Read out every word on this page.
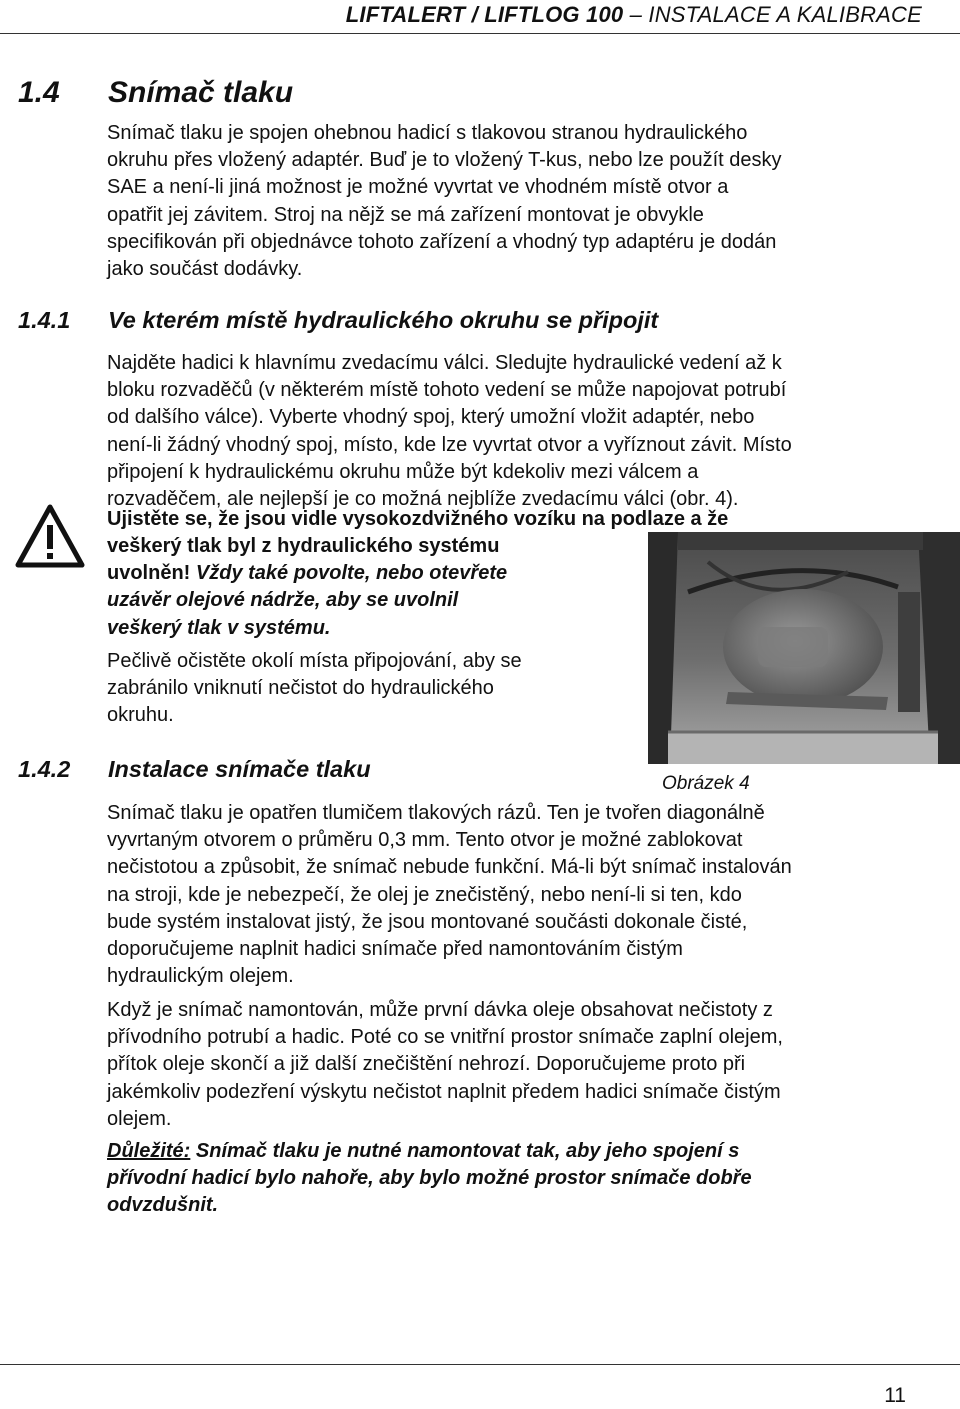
LIFTALERT / LIFTLOG 100 – INSTALACE A KALIBRACE
1.4 Snímač tlaku
Snímač tlaku je spojen ohebnou hadicí s tlakovou stranou hydraulického
okruhu přes vložený adaptér. Buď je to vložený T-kus, nebo lze použít desky
SAE a není-li jiná možnost je možné vyvrtat ve vhodném místě otvor a
opatřit jej závitem. Stroj na nějž se má zařízení montovat je obvykle
specifikován při objednávce tohoto zařízení a vhodný typ adaptéru je dodán
jako součást dodávky.
1.4.1 Ve kterém místě hydraulického okruhu se připojit
Najděte hadici k hlavnímu zvedacímu válci. Sledujte hydraulické vedení až k
bloku rozvaděčů (v některém místě tohoto vedení se může napojovat potrubí
od dalšího válce). Vyberte vhodný spoj, který umožní vložit adaptér, nebo
není-li žádný vhodný spoj, místo, kde lze vyvrtat otvor a vyříznout závit. Místo
připojení k hydraulickému okruhu může být kdekoliv mezi válcem a
rozvaděčem, ale nejlepší je co možná nejblíže zvedacímu válci (obr. 4).
Ujistěte se, že jsou vidle vysokozdvižného vozíku na podlaze a že
veškerý tlak byl z hydraulického systému
uvolněn! Vždy také povolte, nebo otevřete
uzávěr olejové nádrže, aby se uvolnil
veškerý tlak v systému.
Pečlivě očistěte okolí místa připojování, aby se
zabránilo vniknutí nečistot do hydraulického
okruhu.
Obrázek 4
1.4.2 Instalace snímače tlaku
Snímač tlaku je opatřen tlumičem tlakových rázů. Ten je tvořen diagonálně
vyvrtaným otvorem o průměru 0,3 mm. Tento otvor je možné zablokovat
nečistotou a způsobit, že snímač nebude funkční. Má-li být snímač instalován
na stroji, kde je nebezpečí, že olej je znečistěný, nebo není-li si ten, kdo
bude systém instalovat jistý, že jsou montované součásti dokonale čisté,
doporučujeme naplnit hadici snímače před namontováním čistým
hydraulickým olejem.
Když je snímač namontován, může první dávka oleje obsahovat nečistoty z
přívodního potrubí a hadic. Poté co se vnitřní prostor snímače zaplní olejem,
přítok oleje skončí a již další znečištění nehrozí. Doporučujeme proto při
jakémkoliv podezření výskytu nečistot naplnit předem hadici snímače čistým
olejem.
Důležité: Snímač tlaku je nutné namontovat tak, aby jeho spojení s
přívodní hadicí bylo nahoře, aby bylo možné prostor snímače dobře
odvzdušnit.
11
